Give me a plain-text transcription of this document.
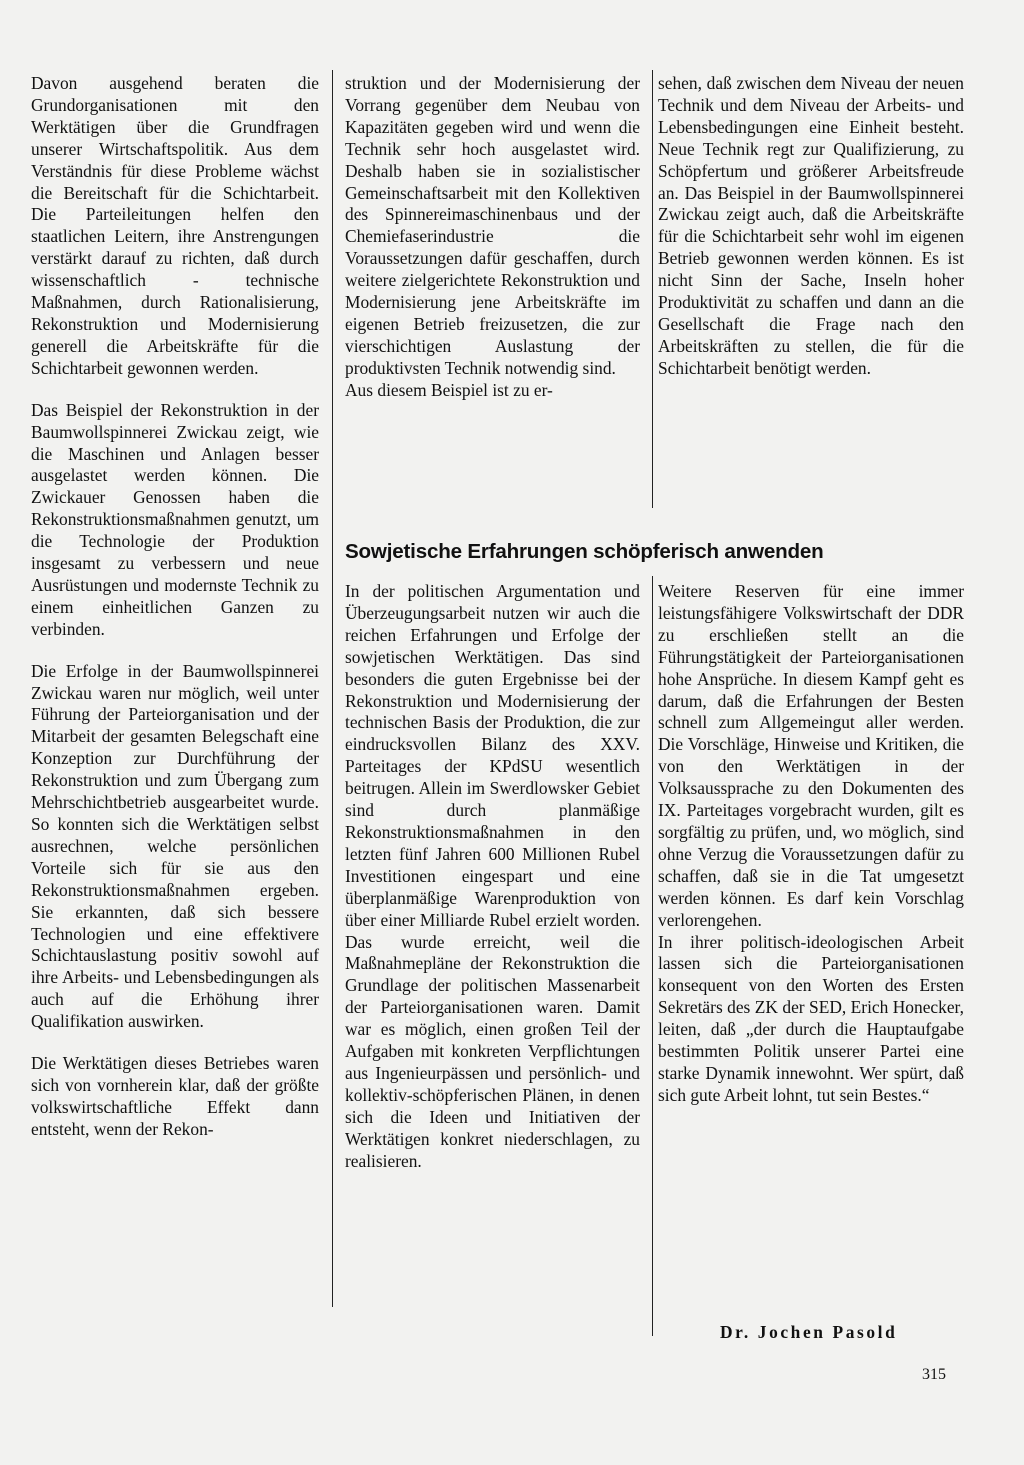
Davon ausgehend beraten die Grundorganisationen mit den Werktätigen über die Grundfragen unserer Wirtschaftspolitik. Aus dem Verständnis für diese Probleme wächst die Bereitschaft für die Schichtarbeit. Die Parteileitungen helfen den staatlichen Leitern, ihre Anstrengungen verstärkt darauf zu richten, daß durch wissenschaftlich - technische Maßnahmen, durch Rationalisierung, Rekonstruktion und Modernisierung generell die Arbeitskräfte für die Schichtarbeit gewonnen werden.

Das Beispiel der Rekonstruktion in der Baumwollspinnerei Zwickau zeigt, wie die Maschinen und Anlagen besser ausgelastet werden können. Die Zwickauer Genossen haben die Rekonstruktionsmaßnahmen genutzt, um die Technologie der Produktion insgesamt zu verbessern und neue Ausrüstungen und modernste Technik zu einem einheitlichen Ganzen zu verbinden.

Die Erfolge in der Baumwollspinnerei Zwickau waren nur möglich, weil unter Führung der Parteiorganisation und der Mitarbeit der gesamten Belegschaft eine Konzeption zur Durchführung der Rekonstruktion und zum Übergang zum Mehrschichtbetrieb ausgearbeitet wurde. So konnten sich die Werktätigen selbst ausrechnen, welche persönlichen Vorteile sich für sie aus den Rekonstruktionsmaßnahmen ergeben. Sie erkannten, daß sich bessere Technologien und eine effektivere Schichtauslastung positiv sowohl auf ihre Arbeits- und Lebensbedingungen als auch auf die Erhöhung ihrer Qualifikation auswirken.

Die Werktätigen dieses Betriebes waren sich von vornherein klar, daß der größte volkswirtschaftliche Effekt dann entsteht, wenn der Rekon-

struktion und der Modernisierung der Vorrang gegenüber dem Neubau von Kapazitäten gegeben wird und wenn die Technik sehr hoch ausgelastet wird. Deshalb haben sie in sozialistischer Gemeinschaftsarbeit mit den Kollektiven des Spinnereimaschinenbaus und der Chemiefaserindustrie die Voraussetzungen dafür geschaffen, durch weitere zielgerichtete Rekonstruktion und Modernisierung jene Arbeitskräfte im eigenen Betrieb freizusetzen, die zur vierschichtigen Auslastung der produktivsten Technik notwendig sind.

Aus diesem Beispiel ist zu er-

sehen, daß zwischen dem Niveau der neuen Technik und dem Niveau der Arbeits- und Lebensbedingungen eine Einheit besteht. Neue Technik regt zur Qualifizierung, zu Schöpfertum und größerer Arbeitsfreude an. Das Beispiel in der Baumwollspinnerei Zwickau zeigt auch, daß die Arbeitskräfte für die Schichtarbeit sehr wohl im eigenen Betrieb gewonnen werden können. Es ist nicht Sinn der Sache, Inseln hoher Produktivität zu schaffen und dann an die Gesellschaft die Frage nach den Arbeitskräften zu stellen, die für die Schichtarbeit benötigt werden.

Sowjetische Erfahrungen schöpferisch anwenden

In der politischen Argumentation und Überzeugungsarbeit nutzen wir auch die reichen Erfahrungen und Erfolge der sowjetischen Werktätigen. Das sind besonders die guten Ergebnisse bei der Rekonstruktion und Modernisierung der technischen Basis der Produktion, die zur eindrucksvollen Bilanz des XXV. Parteitages der KPdSU wesentlich beitrugen. Allein im Swerdlowsker Gebiet sind durch planmäßige Rekonstruktionsmaßnahmen in den letzten fünf Jahren 600 Millionen Rubel Investitionen eingespart und eine überplanmäßige Warenproduktion von über einer Milliarde Rubel erzielt worden. Das wurde erreicht, weil die Maßnahmepläne der Rekonstruktion die Grundlage der politischen Massenarbeit der Parteiorganisationen waren. Damit war es möglich, einen großen Teil der Aufgaben mit konkreten Verpflichtungen aus Ingenieurpässen und persönlich- und kollektiv-schöpferischen Plänen, in denen sich die Ideen und Initiativen der Werktätigen konkret niederschlagen, zu realisieren.

Weitere Reserven für eine immer leistungsfähigere Volkswirtschaft der DDR zu erschließen stellt an die Führungstätigkeit der Parteiorganisationen hohe Ansprüche. In diesem Kampf geht es darum, daß die Erfahrungen der Besten schnell zum Allgemeingut aller werden. Die Vorschläge, Hinweise und Kritiken, die von den Werktätigen in der Volksaussprache zu den Dokumenten des IX. Parteitages vorgebracht wurden, gilt es sorgfältig zu prüfen, und, wo möglich, sind ohne Verzug die Voraussetzungen dafür zu schaffen, daß sie in die Tat umgesetzt werden können. Es darf kein Vorschlag verlorengehen.

In ihrer politisch-ideologischen Arbeit lassen sich die Parteiorganisationen konsequent von den Worten des Ersten Sekretärs des ZK der SED, Erich Honecker, leiten, daß „der durch die Hauptaufgabe bestimmten Politik unserer Partei eine starke Dynamik innewohnt. Wer spürt, daß sich gute Arbeit lohnt, tut sein Bestes.“

Dr. Jochen Pasold
315
